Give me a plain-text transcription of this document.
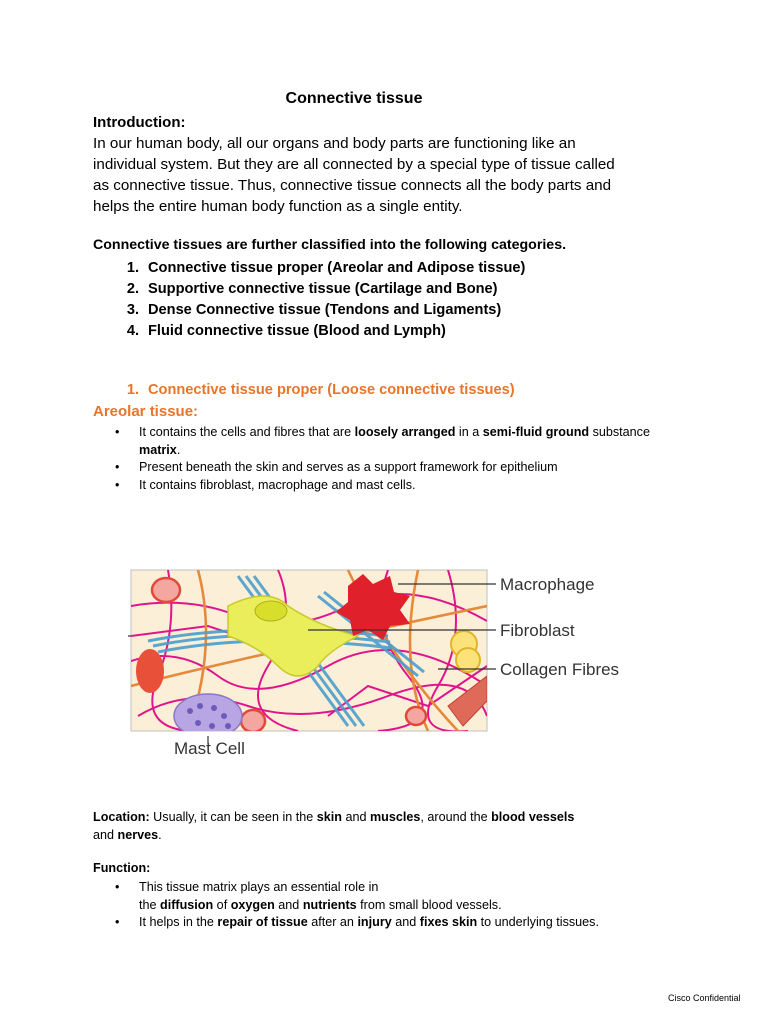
Connective tissue
Introduction:
In our human body, all our organs and body parts are functioning like an
individual system. But they are all connected by a special type of tissue called
as connective tissue. Thus, connective tissue connects all the body parts and
helps the entire human body function as a single entity.
Connective tissues are further classified into the following categories.
1. Connective tissue proper (Areolar and Adipose tissue)
2. Supportive connective tissue (Cartilage and Bone)
3. Dense Connective tissue (Tendons and Ligaments)
4. Fluid connective tissue (Blood and Lymph)
1. Connective tissue proper (Loose connective tissues)
Areolar tissue:
• It contains the cells and fibres that are loosely arranged in a semi-fluid ground substance matrix.
• Present beneath the skin and serves as a support framework for epithelium
• It contains fibroblast, macrophage and mast cells.
Macrophage
Fibroblast
Collagen Fibres
Mast Cell
Location: Usually, it can be seen in the skin and muscles, around the blood vessels and nerves.
Function:
• This tissue matrix plays an essential role in
the diffusion of oxygen and nutrients from small blood vessels.
• It helps in the repair of tissue after an injury and fixes skin to underlying tissues.
Cisco Confidential
